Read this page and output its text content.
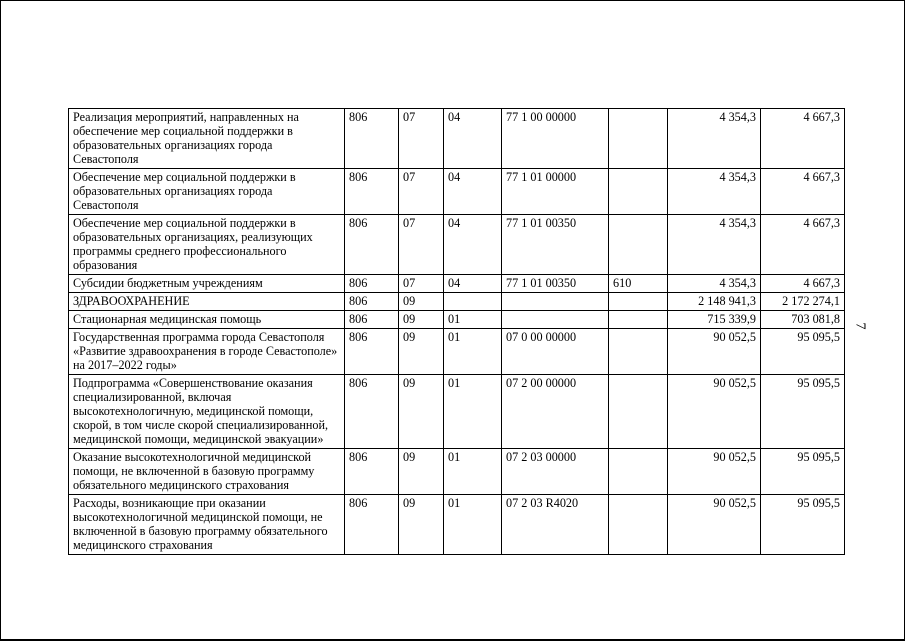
7
Реализация мероприятий, направленных на обеспечение мер социальной поддержки в образовательных организациях города Севастополя	806	07	04	77 1 00 00000		4 354,3	4 667,3
Обеспечение мер социальной поддержки в образовательных организациях города Севастополя	806	07	04	77 1 01 00000		4 354,3	4 667,3
Обеспечение мер социальной поддержки в образовательных организациях, реализующих программы среднего профессионального образования	806	07	04	77 1 01 00350		4 354,3	4 667,3
Субсидии бюджетным учреждениям	806	07	04	77 1 01 00350	610	4 354,3	4 667,3
ЗДРАВООХРАНЕНИЕ	806	09				2 148 941,3	2 172 274,1
Стационарная медицинская помощь	806	09	01			715 339,9	703 081,8
Государственная программа города Севастополя «Развитие здравоохранения в городе Севастополе» на 2017–2022 годы»	806	09	01	07 0 00 00000		90 052,5	95 095,5
Подпрограмма «Совершенствование оказания специализированной, включая высокотехнологичную, медицинской помощи, скорой, в том числе скорой специализированной, медицинской помощи, медицинской эвакуации»	806	09	01	07 2 00 00000		90 052,5	95 095,5
Оказание высокотехнологичной медицинской помощи, не включенной в базовую программу обязательного медицинского страхования	806	09	01	07 2 03 00000		90 052,5	95 095,5
Расходы, возникающие при оказании высокотехнологичной медицинской помощи, не включенной в базовую программу обязательного медицинского страхования	806	09	01	07 2 03 R4020		90 052,5	95 095,5
